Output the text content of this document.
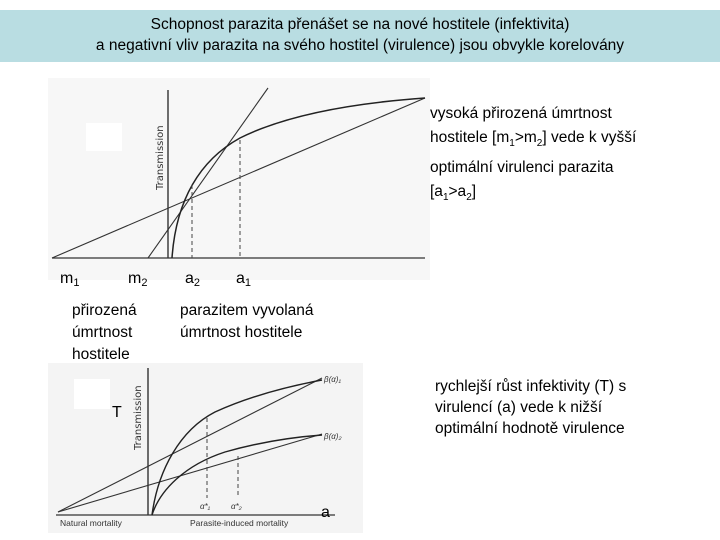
Schopnost parazita přenášet se na nové hostitele (infektivita)
a negativní vliv parazita na svého hostitel (virulence) jsou obvykle korelovány
Transmission
Transmission
β(α)₁
β(α)₂
α*₁	α*₂
Natural mortality	Parasite-induced mortality
vysoká přirozená úmrtnost
hostitele $[m_1>m_2]$ vede k vyšší
optimální virulenci parazita
$[a_1>a_2]$
$m_1$	$m_2$ $a_2$ $a_1$
přirozená
úmrtnost
hostitele
parazitem vyvolaná
úmrtnost hostitele
T
a
rychlejší růst infektivity (T) s
virulencí (a) vede k nižší
optimální hodnotě virulence
